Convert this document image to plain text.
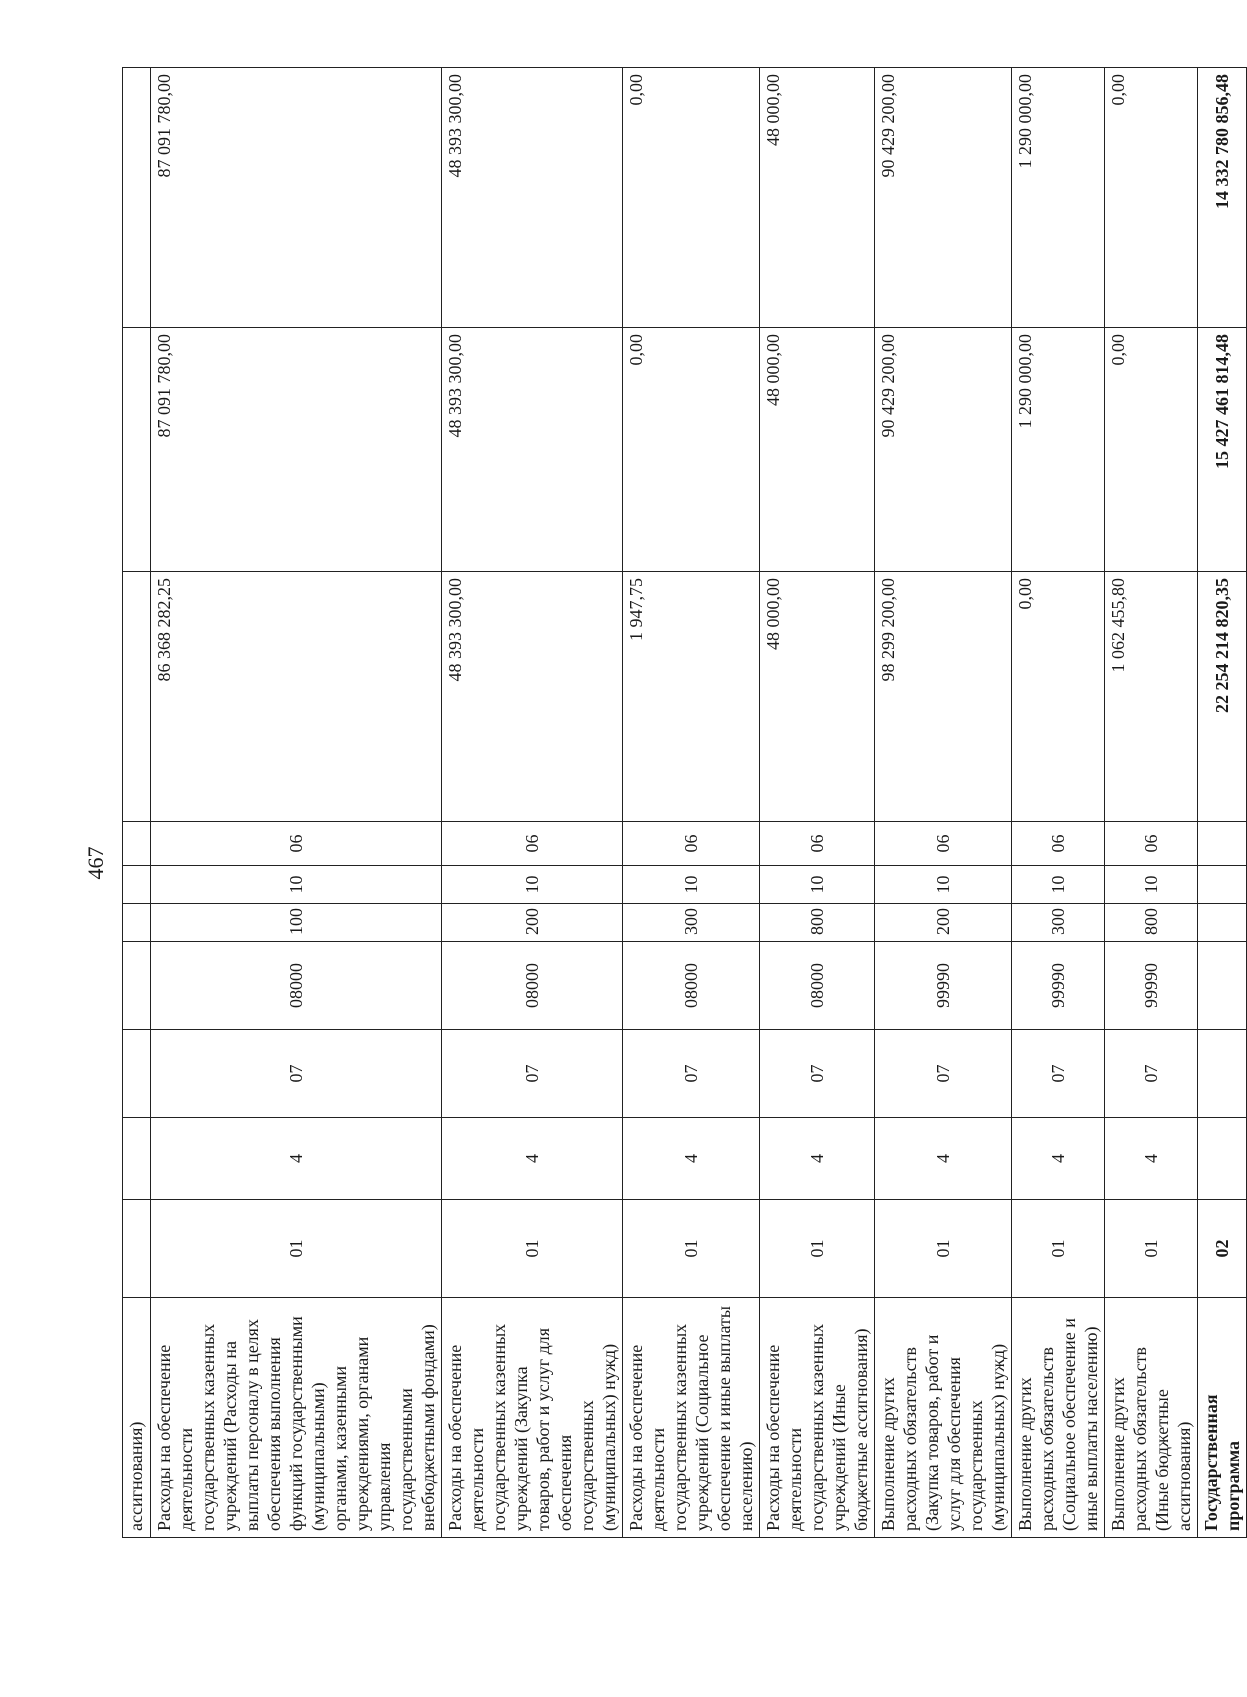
467
ассигнования)										
Расходы на обеспечение деятельности государственных казенных учреждений (Расходы на выплаты персоналу в целях обеспечения выполнения функций государственными (муниципальными) органами, казенными учреждениями, органами управления государственными внебюджетными фондами)	01	4	07	08000	100	10	06	86 368 282,25	87 091 780,00	87 091 780,00
Расходы на обеспечение деятельности государственных казенных учреждений (Закупка товаров, работ и услуг для обеспечения государственных (муниципальных) нужд)	01	4	07	08000	200	10	06	48 393 300,00	48 393 300,00	48 393 300,00
Расходы на обеспечение деятельности государственных казенных учреждений (Социальное обеспечение и иные выплаты населению)	01	4	07	08000	300	10	06	1 947,75	0,00	0,00
Расходы на обеспечение деятельности государственных казенных учреждений (Иные бюджетные ассигнования)	01	4	07	08000	800	10	06	48 000,00	48 000,00	48 000,00
Выполнение других расходных обязательств (Закупка товаров, работ и услуг для обеспечения государственных (муниципальных) нужд)	01	4	07	99990	200	10	06	98 299 200,00	90 429 200,00	90 429 200,00
Выполнение других расходных обязательств (Социальное обеспечение и иные выплаты населению)	01	4	07	99990	300	10	06	0,00	1 290 000,00	1 290 000,00
Выполнение других расходных обязательств (Иные бюджетные ассигнования)	01	4	07	99990	800	10	06	1 062 455,80	0,00	0,00
Государственная программа	02							22 254 214 820,35	15 427 461 814,48	14 332 780 856,48
